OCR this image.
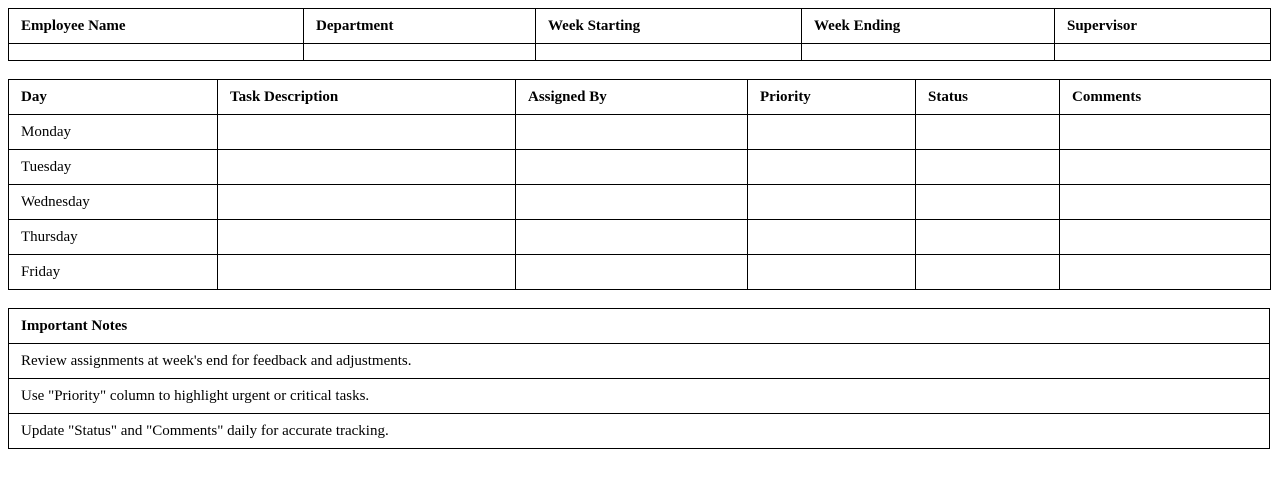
Employee Name	Department	Week Starting	Week Ending	Supervisor

Day	Task Description	Assigned By	Priority	Status	Comments
Monday					
Tuesday					
Wednesday					
Thursday					
Friday					
Important Notes
Review assignments at week's end for feedback and adjustments.
Use "Priority" column to highlight urgent or critical tasks.
Update "Status" and "Comments" daily for accurate tracking.
